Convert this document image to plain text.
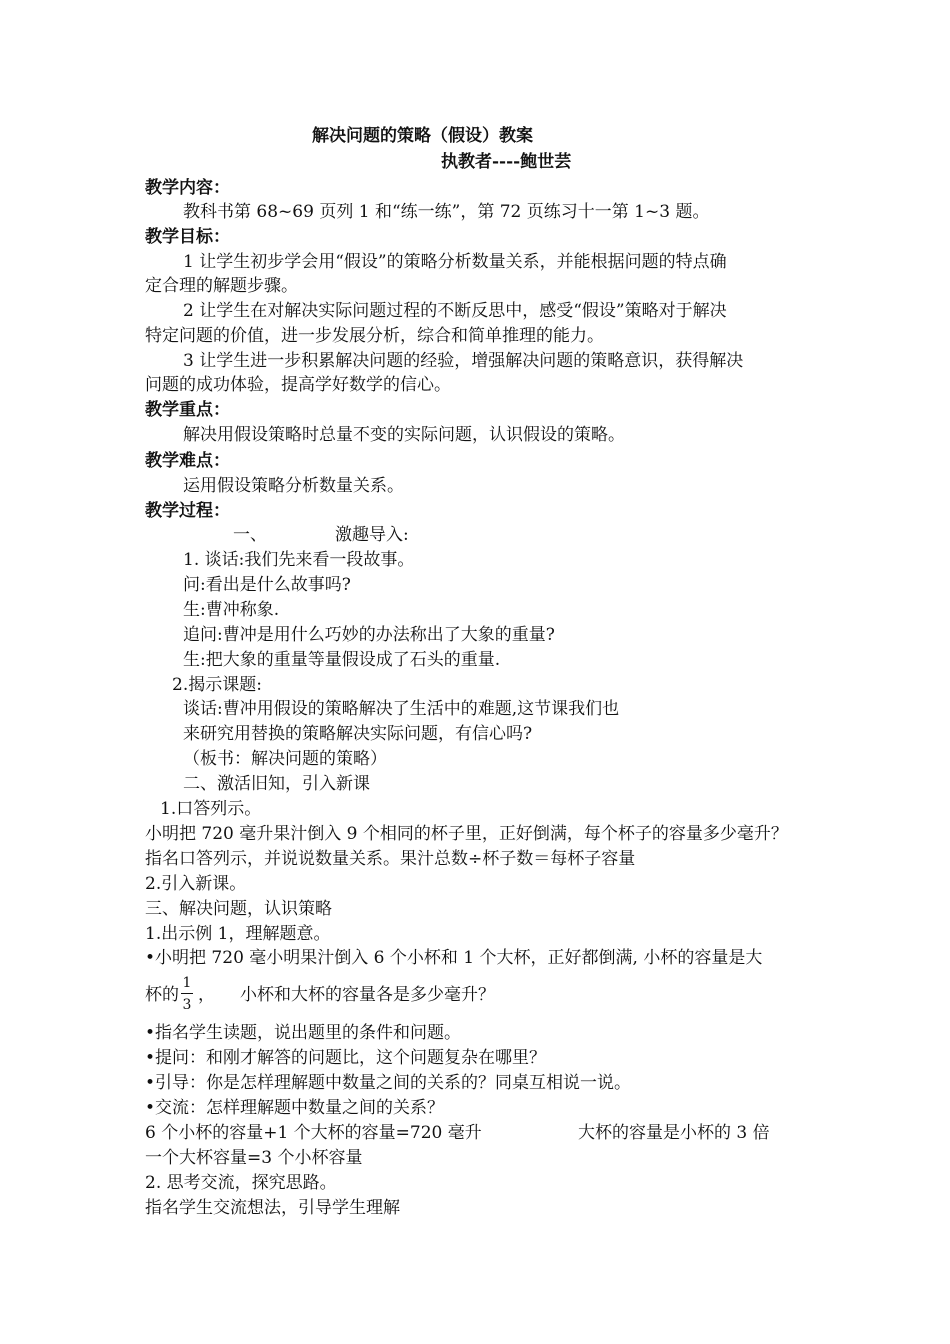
解决问题的策略（假设）教案
执教者----鲍世芸
教学内容：
教科书第 68~69 页列 1 和“练一练”，第 72 页练习十一第 1~3 题。
教学目标：
1 让学生初步学会用“假设”的策略分析数量关系，并能根据问题的特点确
定合理的解题步骤。
2 让学生在对解决实际问题过程的不断反思中，感受“假设”策略对于解决
特定问题的价值，进一步发展分析，综合和简单推理的能力。
3 让学生进一步积累解决问题的经验，增强解决问题的策略意识，获得解决
问题的成功体验，提高学好数学的信心。
教学重点：
解决用假设策略时总量不变的实际问题，认识假设的策略。
教学难点：
运用假设策略分析数量关系。
教学过程：
一、	激趣导入:
1. 谈话:我们先来看一段故事。
问:看出是什么故事吗?
生:曹冲称象.
追问:曹冲是用什么巧妙的办法称出了大象的重量?
生:把大象的重量等量假设成了石头的重量.
2.揭示课题:
谈话:曹冲用假设的策略解决了生活中的难题,这节课我们也
来研究用替换的策略解决实际问题，有信心吗?
（板书：解决问题的策略）
二、激活旧知，引入新课
1.口答列示。
小明把 720 毫升果汁倒入 9 个相同的杯子里，正好倒满，每个杯子的容量多少毫升？
指名口答列示，并说说数量关系。果汁总数÷杯子数＝每杯子容量
2.引入新课。
三、解决问题，认识策略
1.出示例 1，理解题意。
•小明把 720 毫小明果汁倒入 6 个小杯和 1 个大杯，正好都倒满, 小杯的容量是大
杯的
1
3 ， 小杯和大杯的容量各是多少毫升？
•指名学生读题，说出题里的条件和问题。
•提问：和刚才解答的问题比，这个问题复杂在哪里？
•引导：你是怎样理解题中数量之间的关系的？同桌互相说一说。
•交流：怎样理解题中数量之间的关系？
6 个小杯的容量+1 个大杯的容量=720 毫升	大杯的容量是小杯的 3 倍
一个大杯容量=3 个小杯容量
2. 思考交流，探究思路。
指名学生交流想法，引导学生理解
